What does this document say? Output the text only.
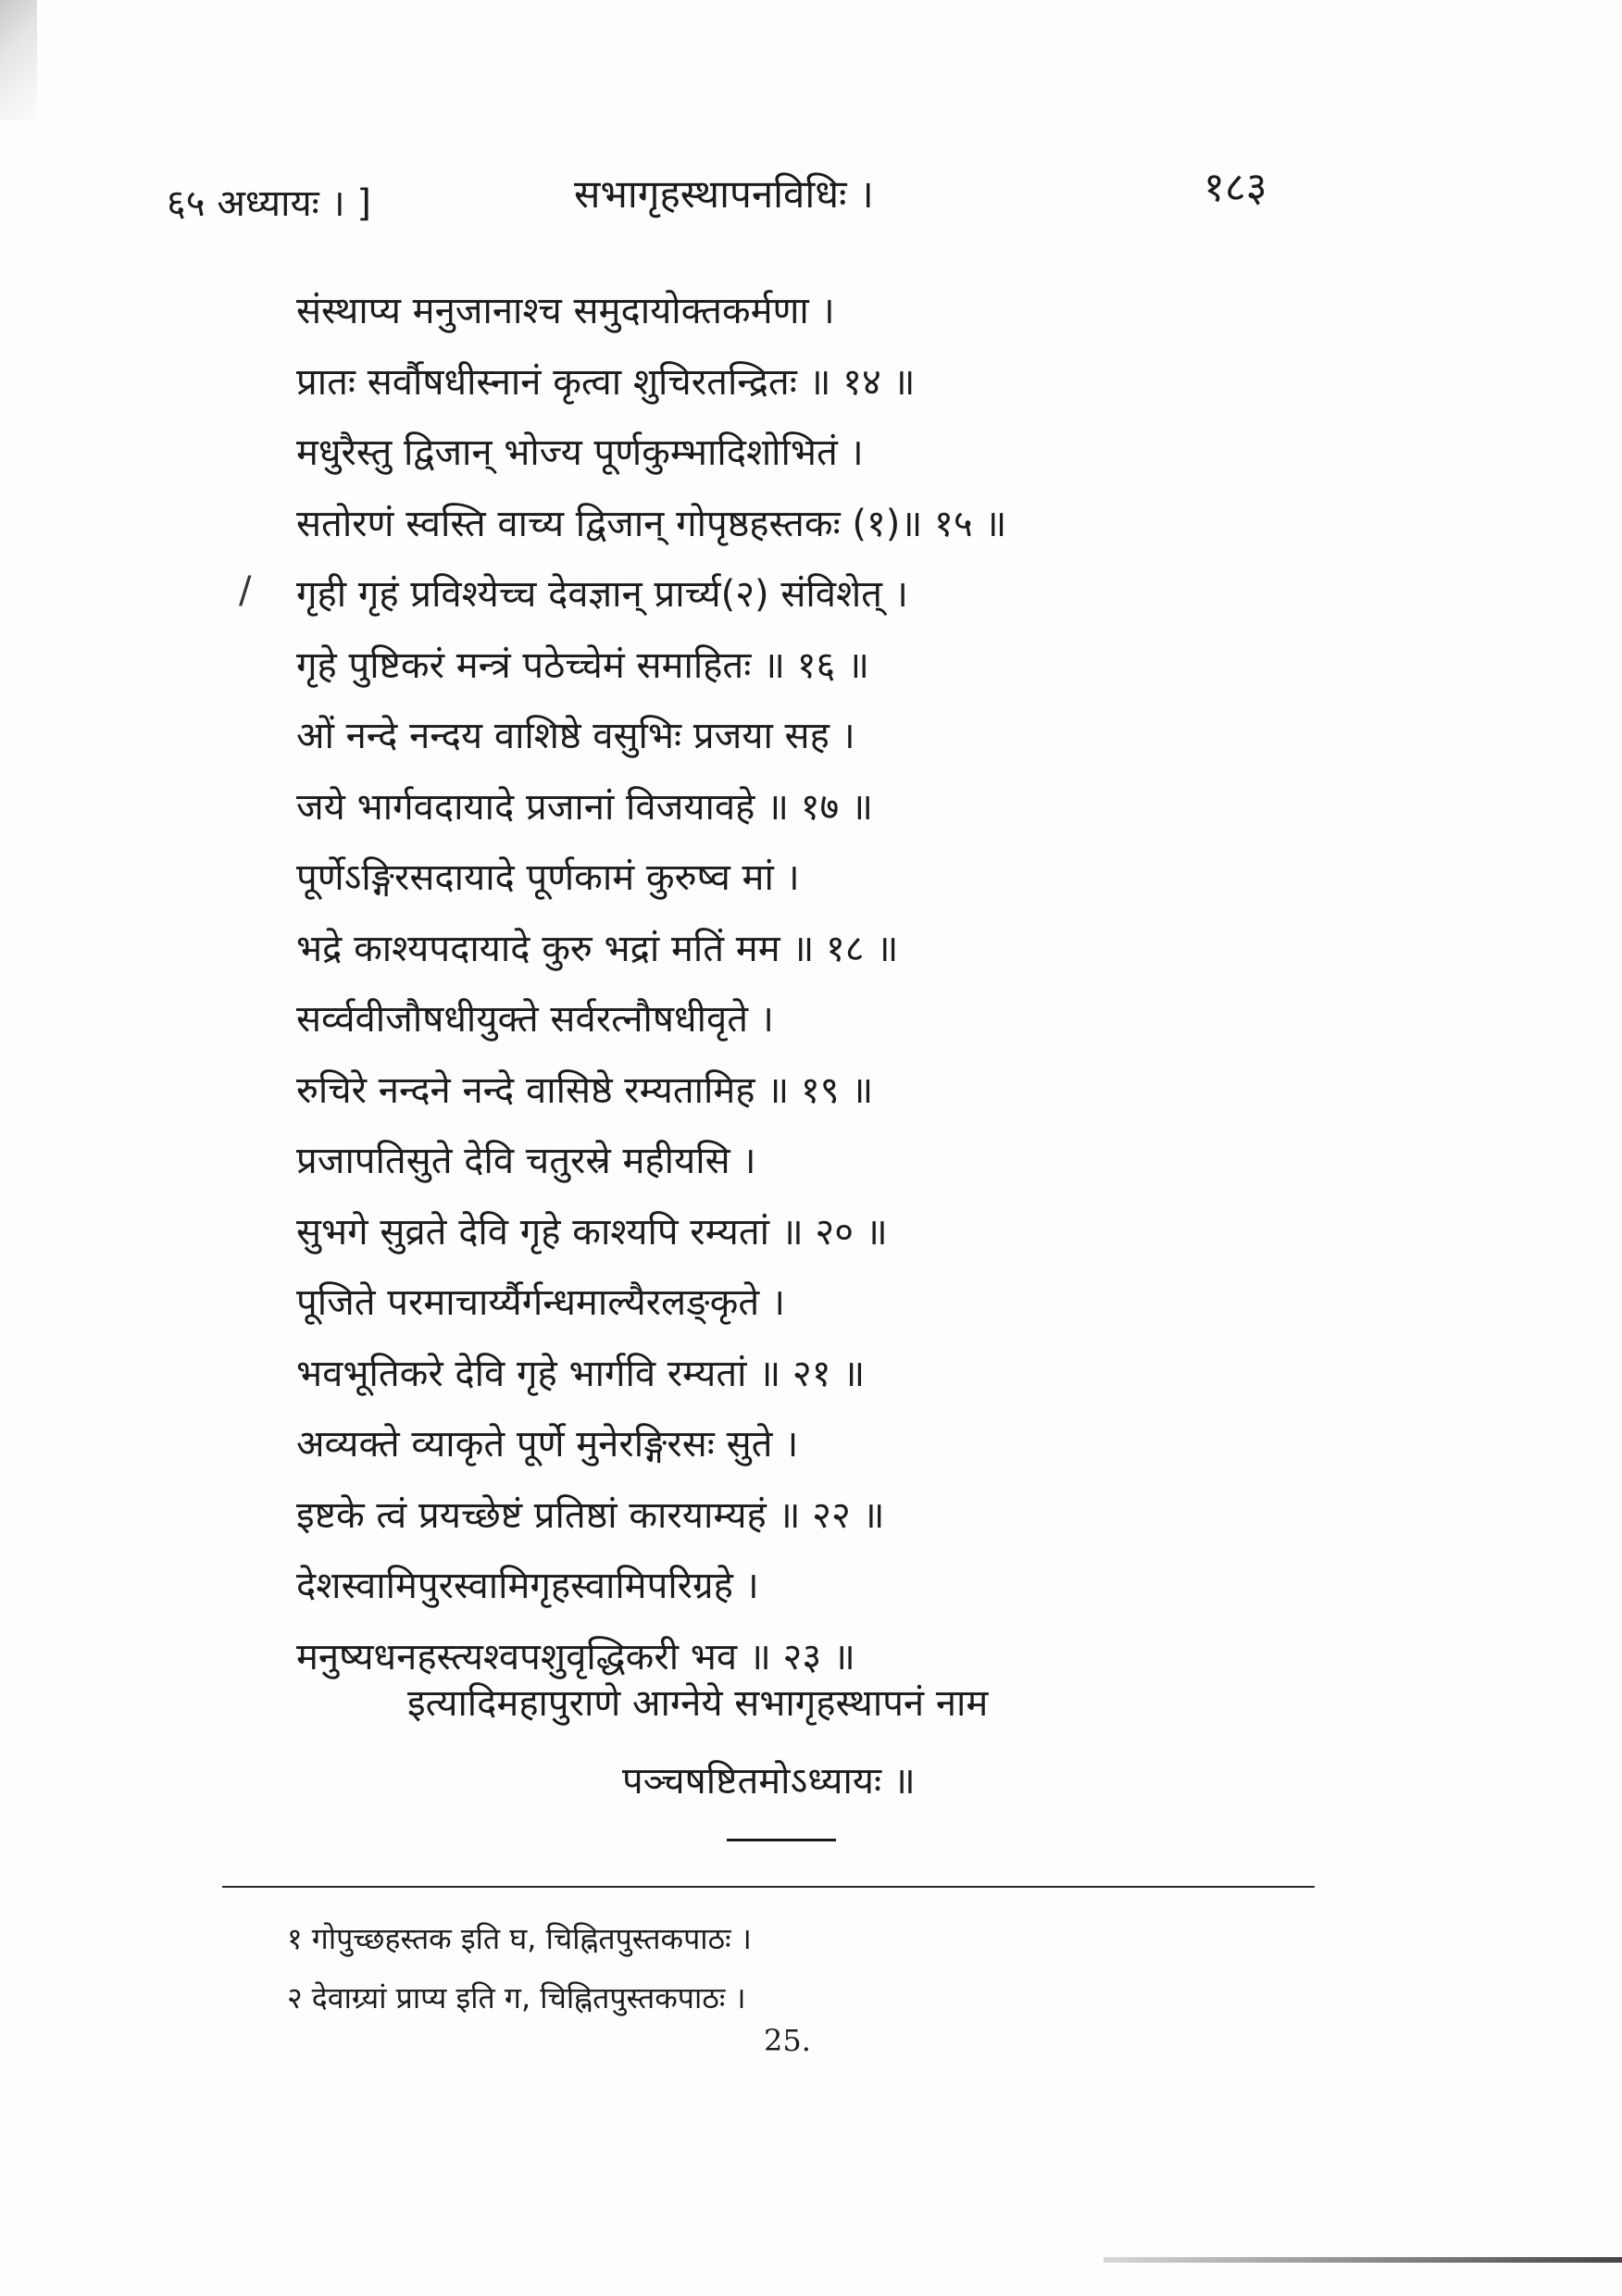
६५ अध्यायः । ]	सभागृहस्थापनविधिः ।	१८३
/
संस्थाप्य मनुजानाश्च समुदायोक्तकर्मणा ।
प्रातः सर्वौषधीस्नानं कृत्वा शुचिरतन्द्रितः ॥ १४ ॥
मधुरैस्तु द्विजान् भोज्य पूर्णकुम्भादिशोभितं ।
सतोरणं स्वस्ति वाच्य द्विजान् गोपृष्ठहस्तकः (१)॥ १५ ॥
गृही गृहं प्रविश्येच्च देवज्ञान् प्रार्च्य(२) संविशेत् ।
गृहे पुष्टिकरं मन्त्रं पठेच्चेमं समाहितः ॥ १६ ॥
ओं नन्दे नन्दय वाशिष्ठे वसुभिः प्रजया सह ।
जये भार्गवदायादे प्रजानां विजयावहे ॥ १७ ॥
पूर्णेऽङ्गिरसदायादे पूर्णकामं कुरुष्व मां ।
भद्रे काश्यपदायादे कुरु भद्रां मतिं मम ॥ १८ ॥
सर्व्ववीजौषधीयुक्ते सर्वरत्नौषधीवृते ।
रुचिरे नन्दने नन्दे वासिष्ठे रम्यतामिह ॥ १९ ॥
प्रजापतिसुते देवि चतुरस्रे महीयसि ।
सुभगे सुव्रते देवि गृहे काश्यपि रम्यतां ॥ २० ॥
पूजिते परमाचार्य्यैर्गन्धमाल्यैरलङ्कृते ।
भवभूतिकरे देवि गृहे भार्गवि रम्यतां ॥ २१ ॥
अव्यक्ते व्याकृते पूर्णे मुनेरङ्गिरसः सुते ।
इष्टके त्वं प्रयच्छेष्टं प्रतिष्ठां कारयाम्यहं ॥ २२ ॥
देशस्वामिपुरस्वामिगृहस्वामिपरिग्रहे ।
मनुष्यधनहस्त्यश्वपशुवृद्धिकरी भव ॥ २३ ॥
इत्यादिमहापुराणे आग्नेये सभागृहस्थापनं नाम
पञ्चषष्टितमोऽध्यायः ॥
१ गोपुच्छहस्तक इति घ, चिह्नितपुस्तकपाठः ।
२ देवाग्र्यां प्राप्य इति ग, चिह्नितपुस्तकपाठः ।
25.
